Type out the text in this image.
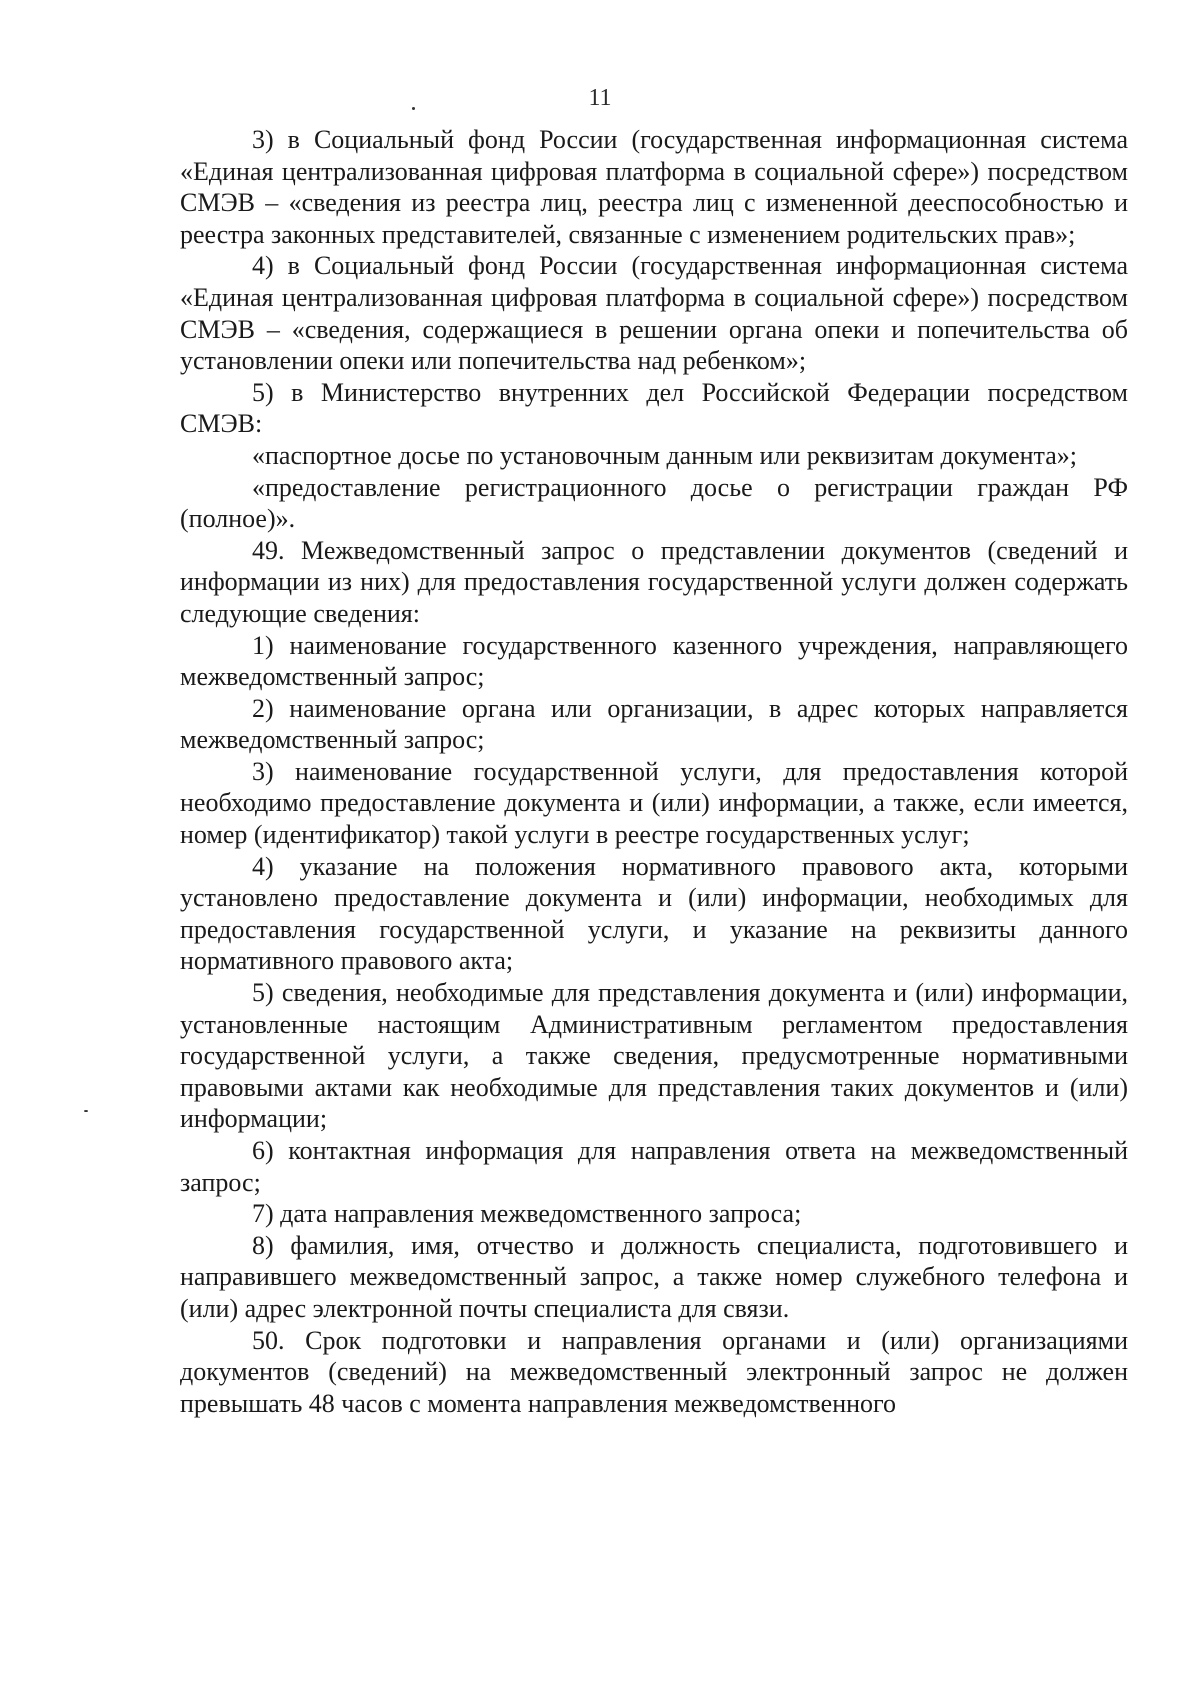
11

3) в Социальный фонд России (государственная информационная система «Единая централизованная цифровая платформа в социальной сфере») посредством СМЭВ – «сведения из реестра лиц, реестра лиц с измененной дееспособностью и реестра законных представителей, связанные с изменением родительских прав»;

4) в Социальный фонд России (государственная информационная система «Единая централизованная цифровая платформа в социальной сфере») посредством СМЭВ – «сведения, содержащиеся в решении органа опеки и попечительства об установлении опеки или попечительства над ребенком»;

5) в Министерство внутренних дел Российской Федерации посредством СМЭВ:

«паспортное досье по установочным данным или реквизитам документа»;

«предоставление регистрационного досье о регистрации граждан РФ (полное)».

49. Межведомственный запрос о представлении документов (сведений и информации из них) для предоставления государственной услуги должен содержать следующие сведения:

1) наименование государственного казенного учреждения, направляющего межведомственный запрос;

2) наименование органа или организации, в адрес которых направляется межведомственный запрос;

3) наименование государственной услуги, для предоставления которой необходимо предоставление документа и (или) информации, а также, если имеется, номер (идентификатор) такой услуги в реестре государственных услуг;

4) указание на положения нормативного правового акта, которыми установлено предоставление документа и (или) информации, необходимых для предоставления государственной услуги, и указание на реквизиты данного нормативного правового акта;

5) сведения, необходимые для представления документа и (или) информации, установленные настоящим Административным регламентом предоставления государственной услуги, а также сведения, предусмотренные нормативными правовыми актами как необходимые для представления таких документов и (или) информации;

6) контактная информация для направления ответа на межведомственный запрос;

7) дата направления межведомственного запроса;

8) фамилия, имя, отчество и должность специалиста, подготовившего и направившего межведомственный запрос, а также номер служебного телефона и (или) адрес электронной почты специалиста для связи.

50. Срок подготовки и направления органами и (или) организациями документов (сведений) на межведомственный электронный запрос не должен превышать 48 часов с момента направления межведомственного
